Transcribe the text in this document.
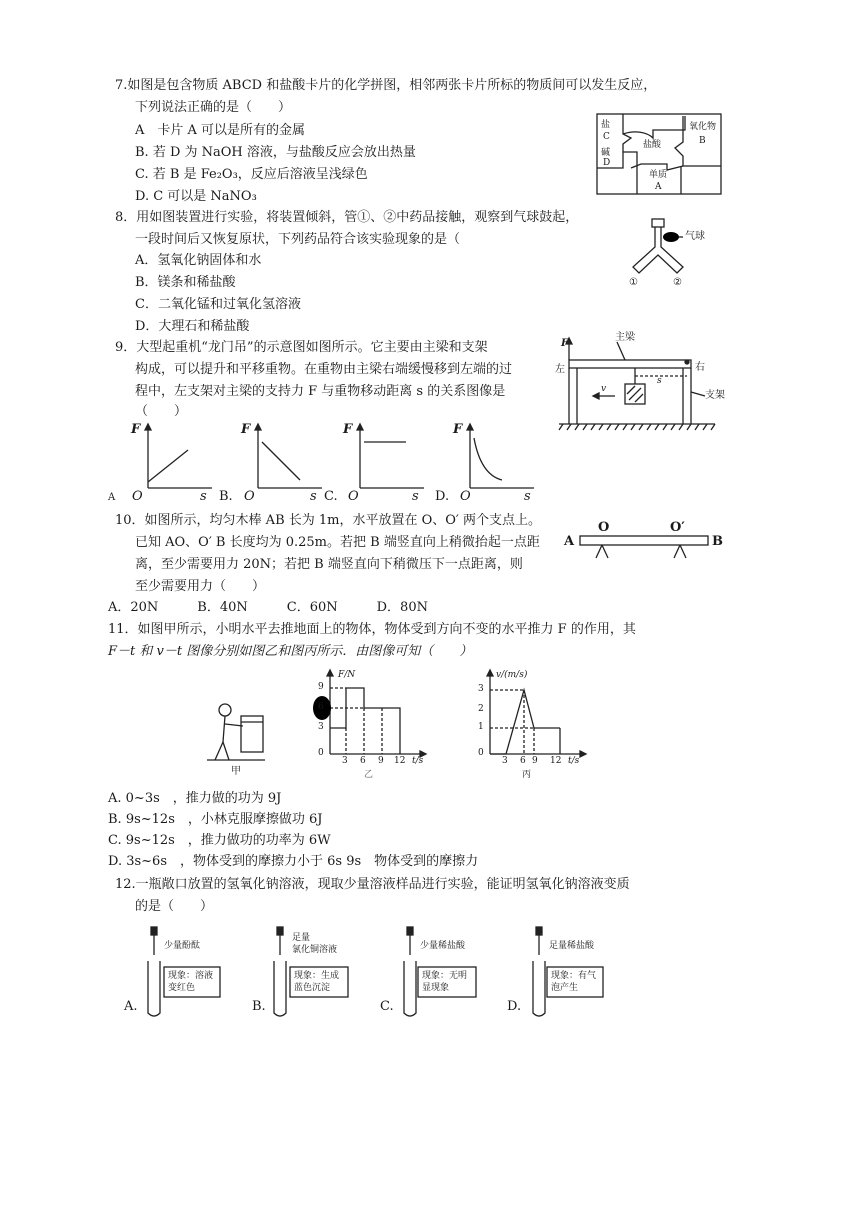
7.如图是包含物质 ABCD 和盐酸卡片的化学拼图，相邻两张卡片所标的物质间可以发生反应，
下列说法正确的是（　　）
A　卡片 A 可以是所有的金属
B. 若 D 为 NaOH 溶液，与盐酸反应会放出热量
C. 若 B 是 Fe₂O₃，反应后溶液呈浅绿色
D. C 可以是 NaNO₃
盐
C
碱
D
盐酸
氧化物
B
单质
A
8．用如图装置进行实验，将装置倾斜，管①、②中药品接触，观察到气球鼓起，
一段时间后又恢复原状，下列药品符合该实验现象的是（
A．氢氧化钠固体和水
B．镁条和稀盐酸
C．二氧化锰和过氧化氢溶液
D．大理石和稀盐酸
气球
①	②
9．大型起重机“龙门吊”的示意图如图所示。它主要由主梁和支架
构成，可以提升和平移重物。在重物由主梁右端缓慢移到左端的过
程中，左支架对主梁的支持力 F 与重物移动距离 s 的关系图像是
（　　）
主梁
F
左	右
s
v
支架
F	F	F	F
A O	s B. O	s C. O	s D. O	s
10．如图所示，均匀木棒 AB 长为 1m，水平放置在 O、O′ 两个支点上。
已知 AO、O′ B 长度均为 0.25m。若把 B 端竖直向上稍微抬起一点距
离，至少需要用力 20N；若把 B 端竖直向下稍微压下一点距离，则
至少需要用力（　　）
A．20N　　　B．40N　　　C．60N　　　D．80N
A
O	O′
B
11．如图甲所示，小明水平去推地面上的物体，物体受到方向不变的水平推力 F 的作用，其
F－t 和 v－t 图像分别如图乙和图丙所示．由图像可知（　　）
甲
F/N
9
6
3
0
3 6 9 12 t/s
乙
v/(m/s)
3
2
1
0
3 6 9 12 t/s
丙
A. 0~3s　，推力做的功为 9J
B. 9s~12s　，小林克服摩擦做功 6J
C. 9s~12s　，推力做功的功率为 6W
D. 3s~6s　，物体受到的摩擦力小于 6s 9s　物体受到的摩擦力
12.一瓶敞口放置的氢氧化钠溶液，现取少量溶液样品进行实验，能证明氢氧化钠溶液变质
的是（　　）
少量酚酞
现象：溶液
变红色
A.
足量
氯化铜溶液
现象：生成
蓝色沉淀
B.
少量稀盐酸
现象：无明
显现象
C.
足量稀盐酸
现象：有气
泡产生
D.
